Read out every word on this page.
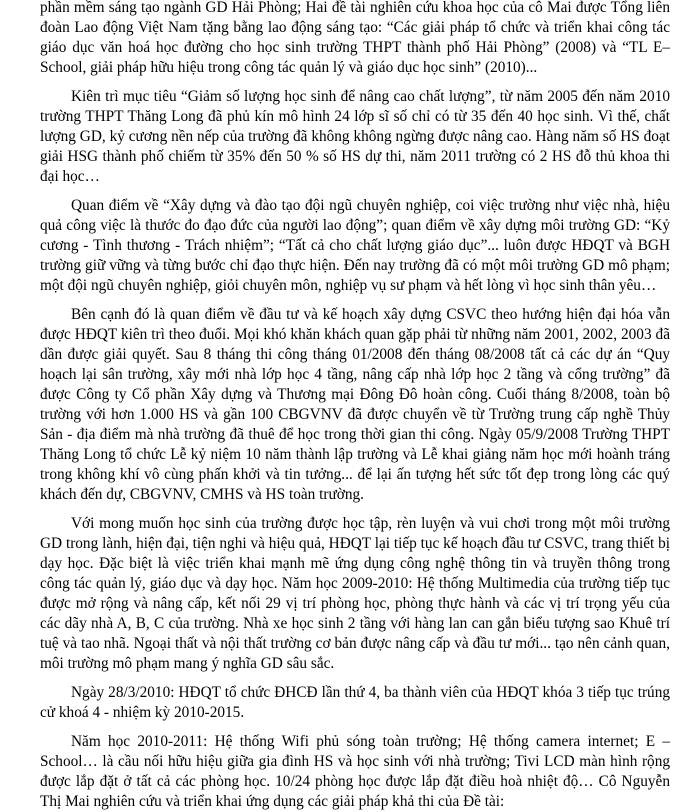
phần mềm sáng tạo ngành GD Hải Phòng; Hai đề tài nghiên cứu khoa học của cô Mai được Tổng liên đoàn Lao động Việt Nam tặng bằng lao động sáng tạo: “Các giải pháp tổ chức và triển khai công tác giáo dục văn hoá học đường cho học sinh trường THPT thành phố Hải Phòng” (2008) và “TL E–School, giải pháp hữu hiệu trong công tác quản lý và giáo dục học sinh” (2010)...

Kiên trì mục tiêu “Giảm số lượng học sinh để nâng cao chất lượng”, từ năm 2005 đến năm 2010 trường THPT Thăng Long đã phủ kín mô hình 24 lớp sĩ số chỉ có từ 35 đến 40 học sinh. Vì thế, chất lượng GD, kỷ cương nền nếp của trường đã không không ngừng được nâng cao. Hàng năm số HS đoạt giải HSG thành phố chiếm từ 35% đến 50 % số HS dự thi, năm 2011 trường có 2 HS đỗ thủ khoa thi đại học…

Quan điểm về “Xây dựng và đào tạo đội ngũ chuyên nghiệp, coi việc trường như việc nhà, hiệu quả công việc là thước đo đạo đức của người lao động”; quan điểm về xây dựng môi trường GD: “Kỷ cương - Tình thương - Trách nhiệm”; “Tất cả cho chất lượng giáo dục”... luôn được HĐQT và BGH trường giữ vững và từng bước chỉ đạo thực hiện. Đến nay trường đã có một môi trường GD mô phạm; một đội ngũ chuyên nghiệp, giỏi chuyên môn, nghiệp vụ sư phạm và hết lòng vì học sinh thân yêu…

Bên cạnh đó là quan điểm về đầu tư và kế hoạch xây dựng CSVC theo hướng hiện đại hóa vẫn được HĐQT kiên trì theo đuổi. Mọi khó khăn khách quan gặp phải từ những năm 2001, 2002, 2003 đã dần được giải quyết. Sau 8 tháng thi công tháng 01/2008 đến tháng 08/2008 tất cả các dự án “Quy hoạch lại sân trường, xây mới nhà lớp học 4 tầng, nâng cấp nhà lớp học 2 tầng và cổng trường” đã được Công ty Cổ phần Xây dựng và Thương mại Đông Đô hoàn công. Cuối tháng 8/2008, toàn bộ trường với hơn 1.000 HS và gần 100 CBGVNV đã được chuyển về từ Trường trung cấp nghề Thủy Sản - địa điểm mà nhà trường đã thuê để học trong thời gian thi công. Ngày 05/9/2008 Trường THPT Thăng Long tổ chức Lễ kỷ niệm 10 năm thành lập trường và Lễ khai giảng năm học mới hoành tráng trong không khí vô cùng phấn khởi và tin tưởng... để lại ấn tượng hết sức tốt đẹp trong lòng các quý khách đến dự, CBGVNV, CMHS và HS toàn trường.

Với mong muốn học sinh của trường được học tập, rèn luyện và vui chơi trong một môi trường GD trong lành, hiện đại, tiện nghi và hiệu quả, HĐQT lại tiếp tục kế hoạch đầu tư CSVC, trang thiết bị dạy học. Đặc biệt là việc triển khai mạnh mẽ ứng dụng công nghệ thông tin và truyền thông trong công tác quản lý, giáo dục và dạy học. Năm học 2009-2010: Hệ thống Multimedia của trường tiếp tục được mở rộng và nâng cấp, kết nối 29 vị trí phòng học, phòng thực hành và các vị trí trọng yếu của các dãy nhà A, B, C của trường. Nhà xe học sinh 2 tầng với hàng lan can gắn biểu tượng sao Khuê trí tuệ và tao nhã. Ngoại thất và nội thất trường cơ bản được nâng cấp và đầu tư mới... tạo nên cảnh quan, môi trường mô phạm mang ý nghĩa GD sâu sắc.

Ngày 28/3/2010: HĐQT tổ chức ĐHCĐ lần thứ 4, ba thành viên của HĐQT khóa 3 tiếp tục trúng cử khoá 4 - nhiệm kỳ 2010-2015.

Năm học 2010-2011: Hệ thống Wifi phủ sóng toàn trường; Hệ thống camera internet; E – School… là cầu nối hữu hiệu giữa gia đình HS và học sinh với nhà trường; Tivi LCD màn hình rộng được lắp đặt ở tất cả các phòng học. 10/24 phòng học được lắp đặt điều hoà nhiệt độ… Cô Nguyễn Thị Mai nghiên cứu và triển khai ứng dụng các giải pháp khả thi của Đề tài:
